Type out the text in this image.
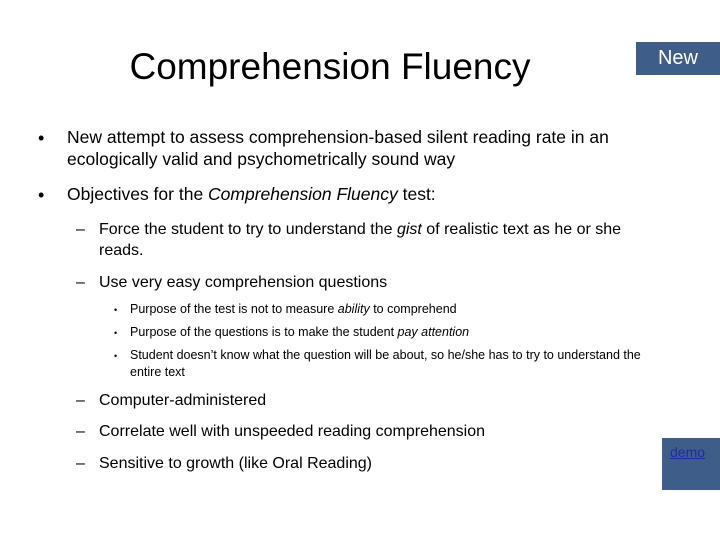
Comprehension Fluency	New
• New attempt to assess comprehension-based silent reading rate in an ecologically valid and psychometrically sound way
• Objectives for the Comprehension Fluency test:
– Force the student to try to understand the gist of realistic text as he or she reads.
– Use very easy comprehension questions
• Purpose of the test is not to measure ability to comprehend
• Purpose of the questions is to make the student pay attention
• Student doesn’t know what the question will be about, so he/she has to try to understand the entire text
– Computer-administered
– Correlate well with unspeeded reading comprehension
– Sensitive to growth (like Oral Reading)
demo
